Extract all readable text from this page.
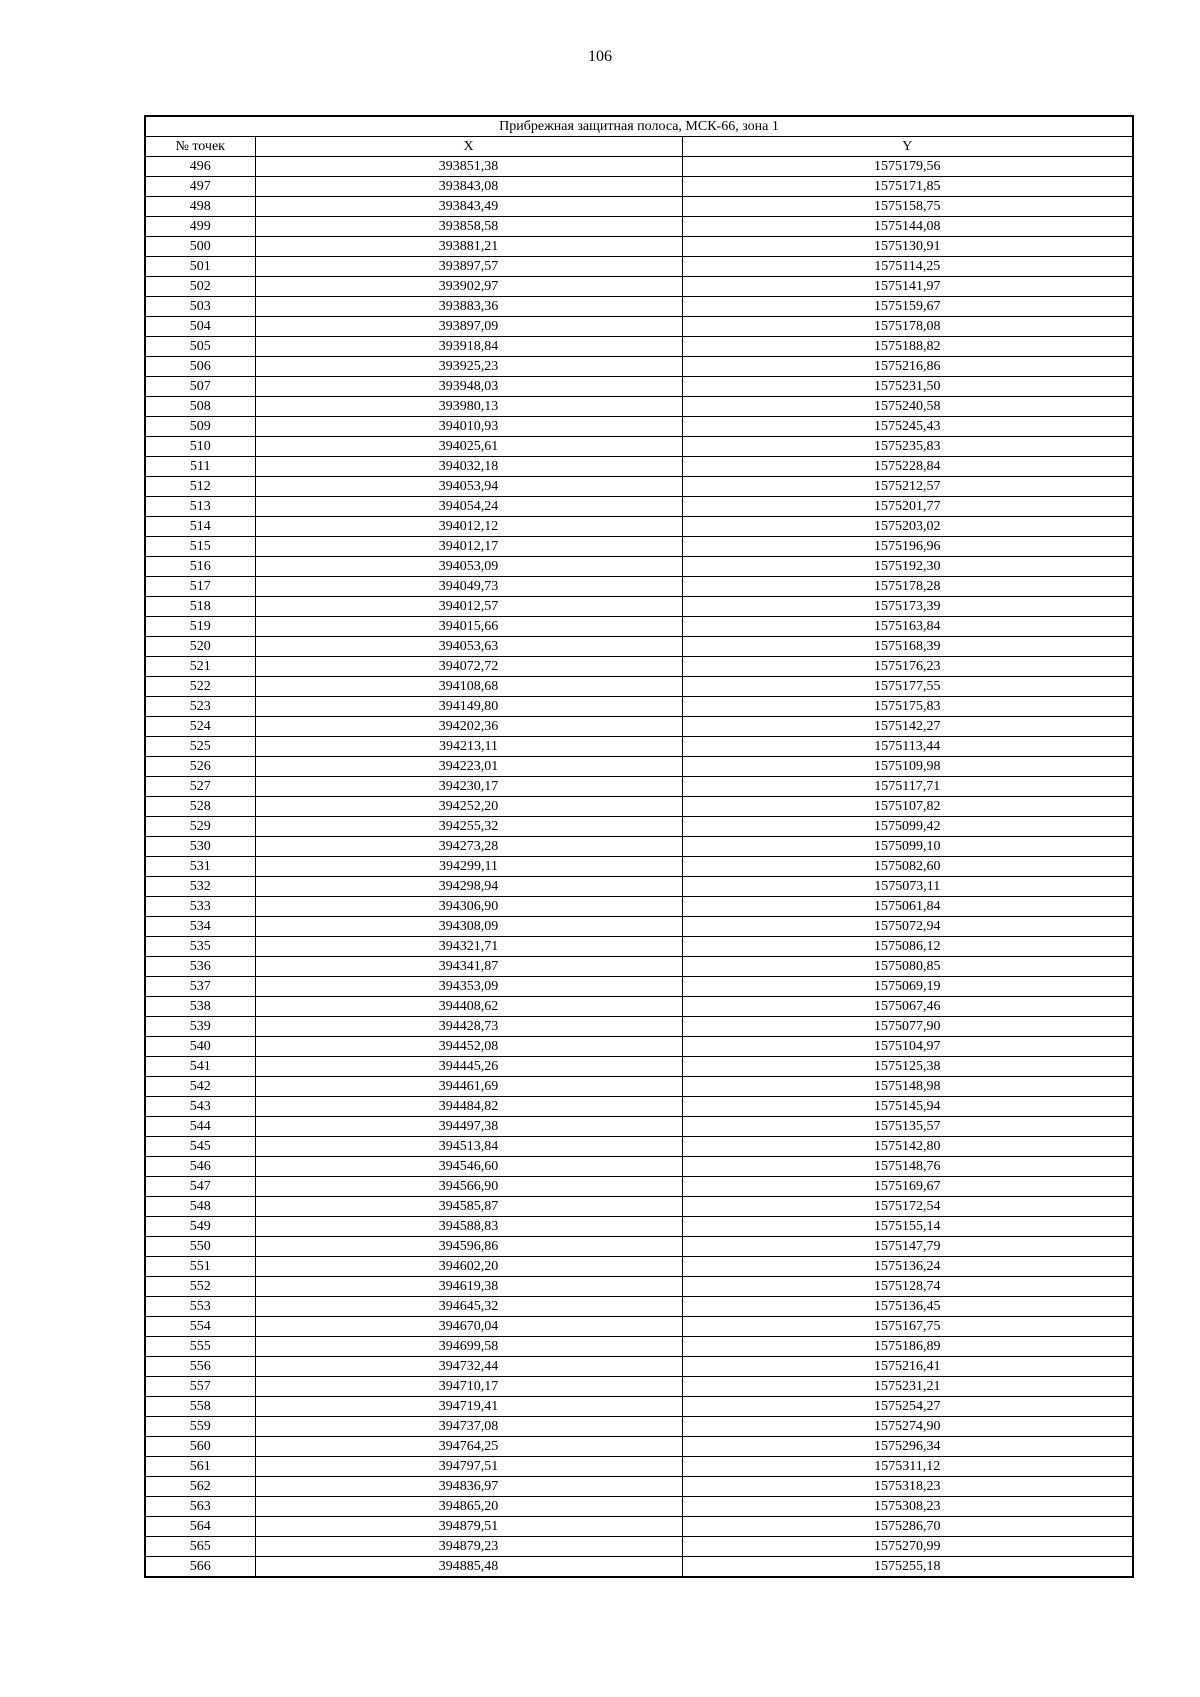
106
Прибрежная защитная полоса, МСК-66, зона 1		
№ точек	X	Y
496	393851,38	1575179,56
497	393843,08	1575171,85
498	393843,49	1575158,75
499	393858,58	1575144,08
500	393881,21	1575130,91
501	393897,57	1575114,25
502	393902,97	1575141,97
503	393883,36	1575159,67
504	393897,09	1575178,08
505	393918,84	1575188,82
506	393925,23	1575216,86
507	393948,03	1575231,50
508	393980,13	1575240,58
509	394010,93	1575245,43
510	394025,61	1575235,83
511	394032,18	1575228,84
512	394053,94	1575212,57
513	394054,24	1575201,77
514	394012,12	1575203,02
515	394012,17	1575196,96
516	394053,09	1575192,30
517	394049,73	1575178,28
518	394012,57	1575173,39
519	394015,66	1575163,84
520	394053,63	1575168,39
521	394072,72	1575176,23
522	394108,68	1575177,55
523	394149,80	1575175,83
524	394202,36	1575142,27
525	394213,11	1575113,44
526	394223,01	1575109,98
527	394230,17	1575117,71
528	394252,20	1575107,82
529	394255,32	1575099,42
530	394273,28	1575099,10
531	394299,11	1575082,60
532	394298,94	1575073,11
533	394306,90	1575061,84
534	394308,09	1575072,94
535	394321,71	1575086,12
536	394341,87	1575080,85
537	394353,09	1575069,19
538	394408,62	1575067,46
539	394428,73	1575077,90
540	394452,08	1575104,97
541	394445,26	1575125,38
542	394461,69	1575148,98
543	394484,82	1575145,94
544	394497,38	1575135,57
545	394513,84	1575142,80
546	394546,60	1575148,76
547	394566,90	1575169,67
548	394585,87	1575172,54
549	394588,83	1575155,14
550	394596,86	1575147,79
551	394602,20	1575136,24
552	394619,38	1575128,74
553	394645,32	1575136,45
554	394670,04	1575167,75
555	394699,58	1575186,89
556	394732,44	1575216,41
557	394710,17	1575231,21
558	394719,41	1575254,27
559	394737,08	1575274,90
560	394764,25	1575296,34
561	394797,51	1575311,12
562	394836,97	1575318,23
563	394865,20	1575308,23
564	394879,51	1575286,70
565	394879,23	1575270,99
566	394885,48	1575255,18
